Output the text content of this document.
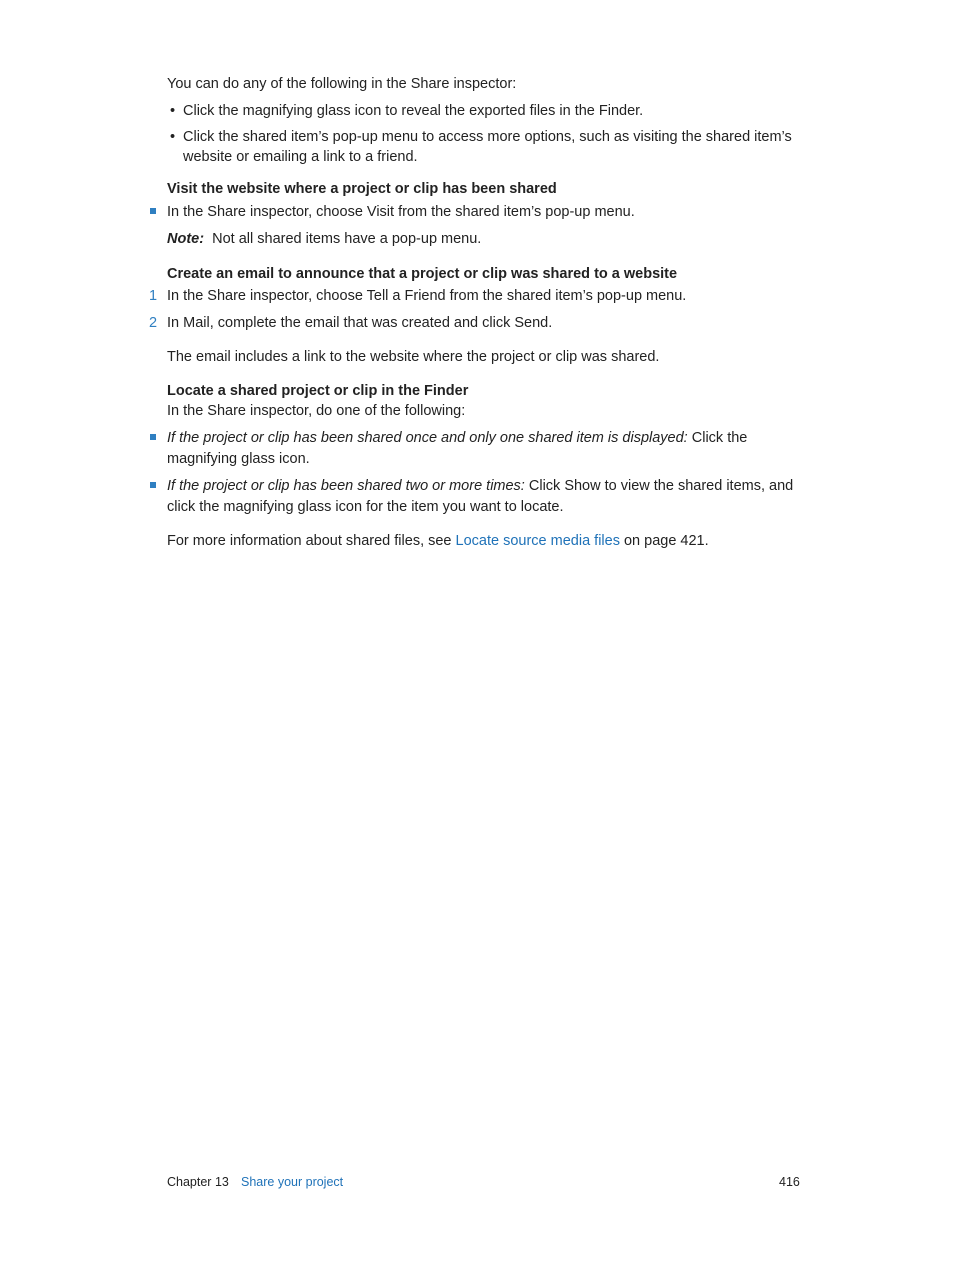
You can do any of the following in the Share inspector:
• Click the magnifying glass icon to reveal the exported files in the Finder.
• Click the shared item’s pop-up menu to access more options, such as visiting the shared item’s
website or emailing a link to a friend.
Visit the website where a project or clip has been shared
In the Share inspector, choose Visit from the shared item’s pop-up menu.
Note: Not all shared items have a pop-up menu.
Create an email to announce that a project or clip was shared to a website
1 In the Share inspector, choose Tell a Friend from the shared item’s pop-up menu.
2 In Mail, complete the email that was created and click Send.
The email includes a link to the website where the project or clip was shared.
Locate a shared project or clip in the Finder
In the Share inspector, do one of the following:
If the project or clip has been shared once and only one shared item is displayed: Click the
magnifying glass icon.
If the project or clip has been shared two or more times: Click Show to view the shared items, and
click the magnifying glass icon for the item you want to locate.
For more information about shared files, see Locate source media files on page 421.
Chapter 13 Share your project	416
